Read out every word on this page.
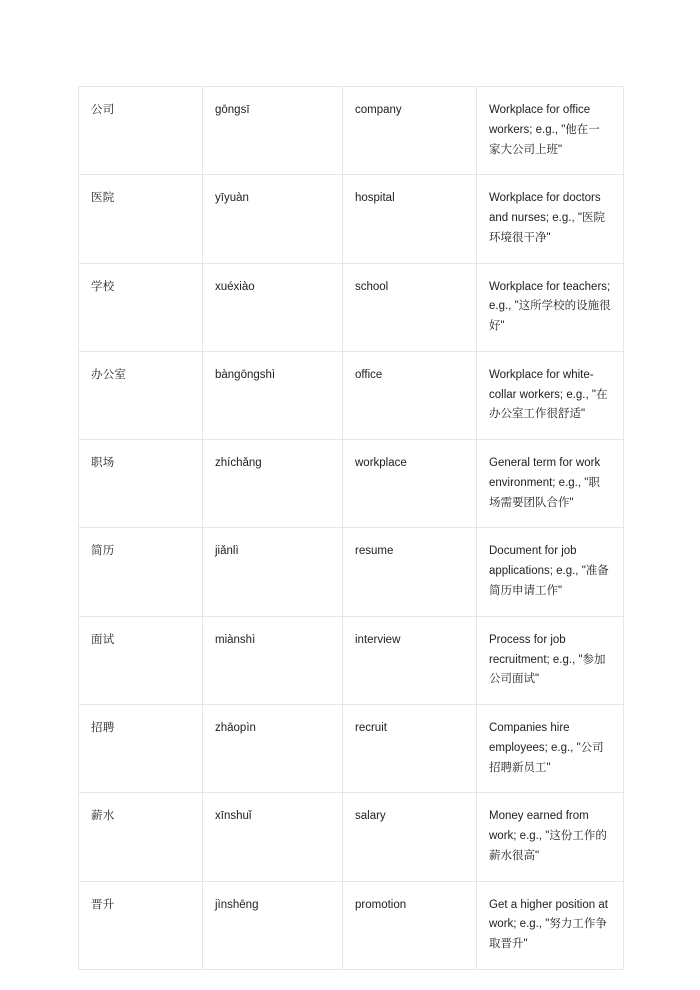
公司	gōngsī	company	Workplace for office workers; e.g., "他在一家大公司上班"
医院	yīyuàn	hospital	Workplace for doctors and nurses; e.g., "医院环境很干净"
学校	xuéxiào	school	Workplace for teachers; e.g., "这所学校的设施很好"
办公室	bàngōngshì	office	Workplace for white-collar workers; e.g., "在办公室工作很舒适"
职场	zhíchǎng	workplace	General term for work environment; e.g., "职场需要团队合作"
简历	jiǎnlì	resume	Document for job applications; e.g., "准备简历申请工作"
面试	miànshì	interview	Process for job recruitment; e.g., "参加公司面试"
招聘	zhāopìn	recruit	Companies hire employees; e.g., "公司招聘新员工"
薪水	xīnshuǐ	salary	Money earned from work; e.g., "这份工作的薪水很高"
晋升	jìnshēng	promotion	Get a higher position at work; e.g., "努力工作争取晋升"
